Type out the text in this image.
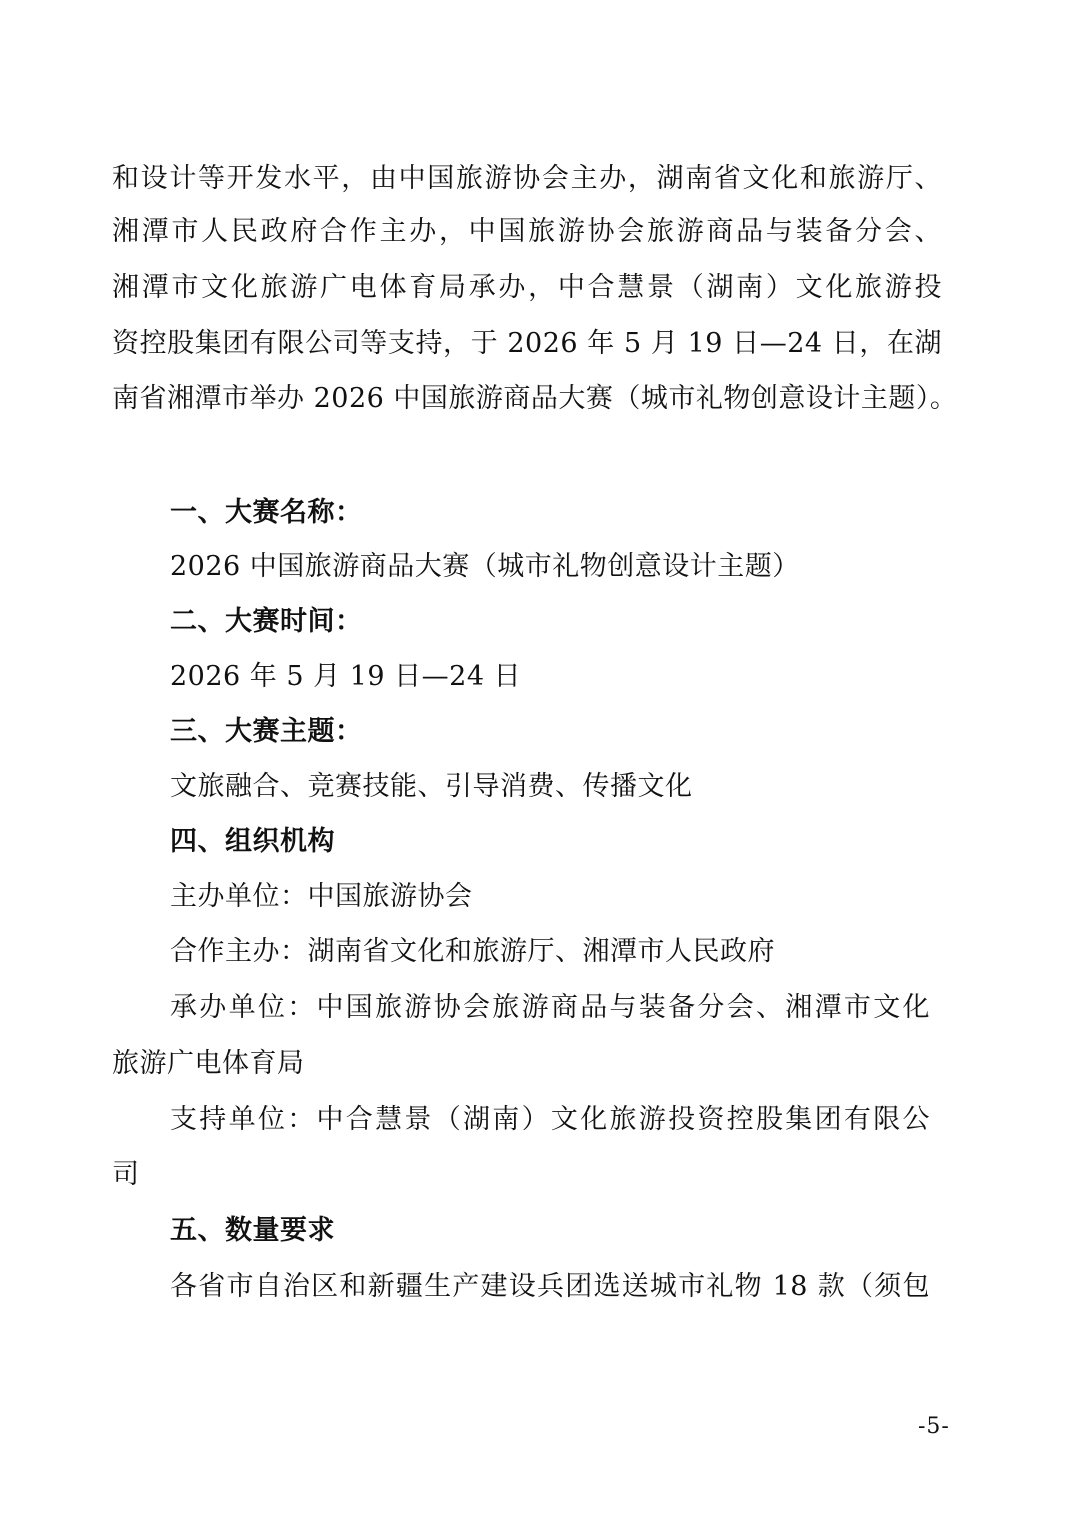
和设计等开发水平，由中国旅游协会主办，湖南省文化和旅游厅、
湘潭市人民政府合作主办，中国旅游协会旅游商品与装备分会、
湘潭市文化旅游广电体育局承办，中合慧景（湖南）文化旅游投
资控股集团有限公司等支持，于 2026 年 5 月 19 日—24 日，在湖
南省湘潭市举办 2026 中国旅游商品大赛（城市礼物创意设计主题）。
一、大赛名称：
2026 中国旅游商品大赛（城市礼物创意设计主题）
二、大赛时间：
2026 年 5 月 19 日—24 日
三、大赛主题：
文旅融合、竞赛技能、引导消费、传播文化
四、组织机构
主办单位：中国旅游协会
合作主办：湖南省文化和旅游厅、湘潭市人民政府
承办单位：中国旅游协会旅游商品与装备分会、湘潭市文化
旅游广电体育局
支持单位：中合慧景（湖南）文化旅游投资控股集团有限公
司
五、数量要求
各省市自治区和新疆生产建设兵团选送城市礼物 18 款（须包
-5-
